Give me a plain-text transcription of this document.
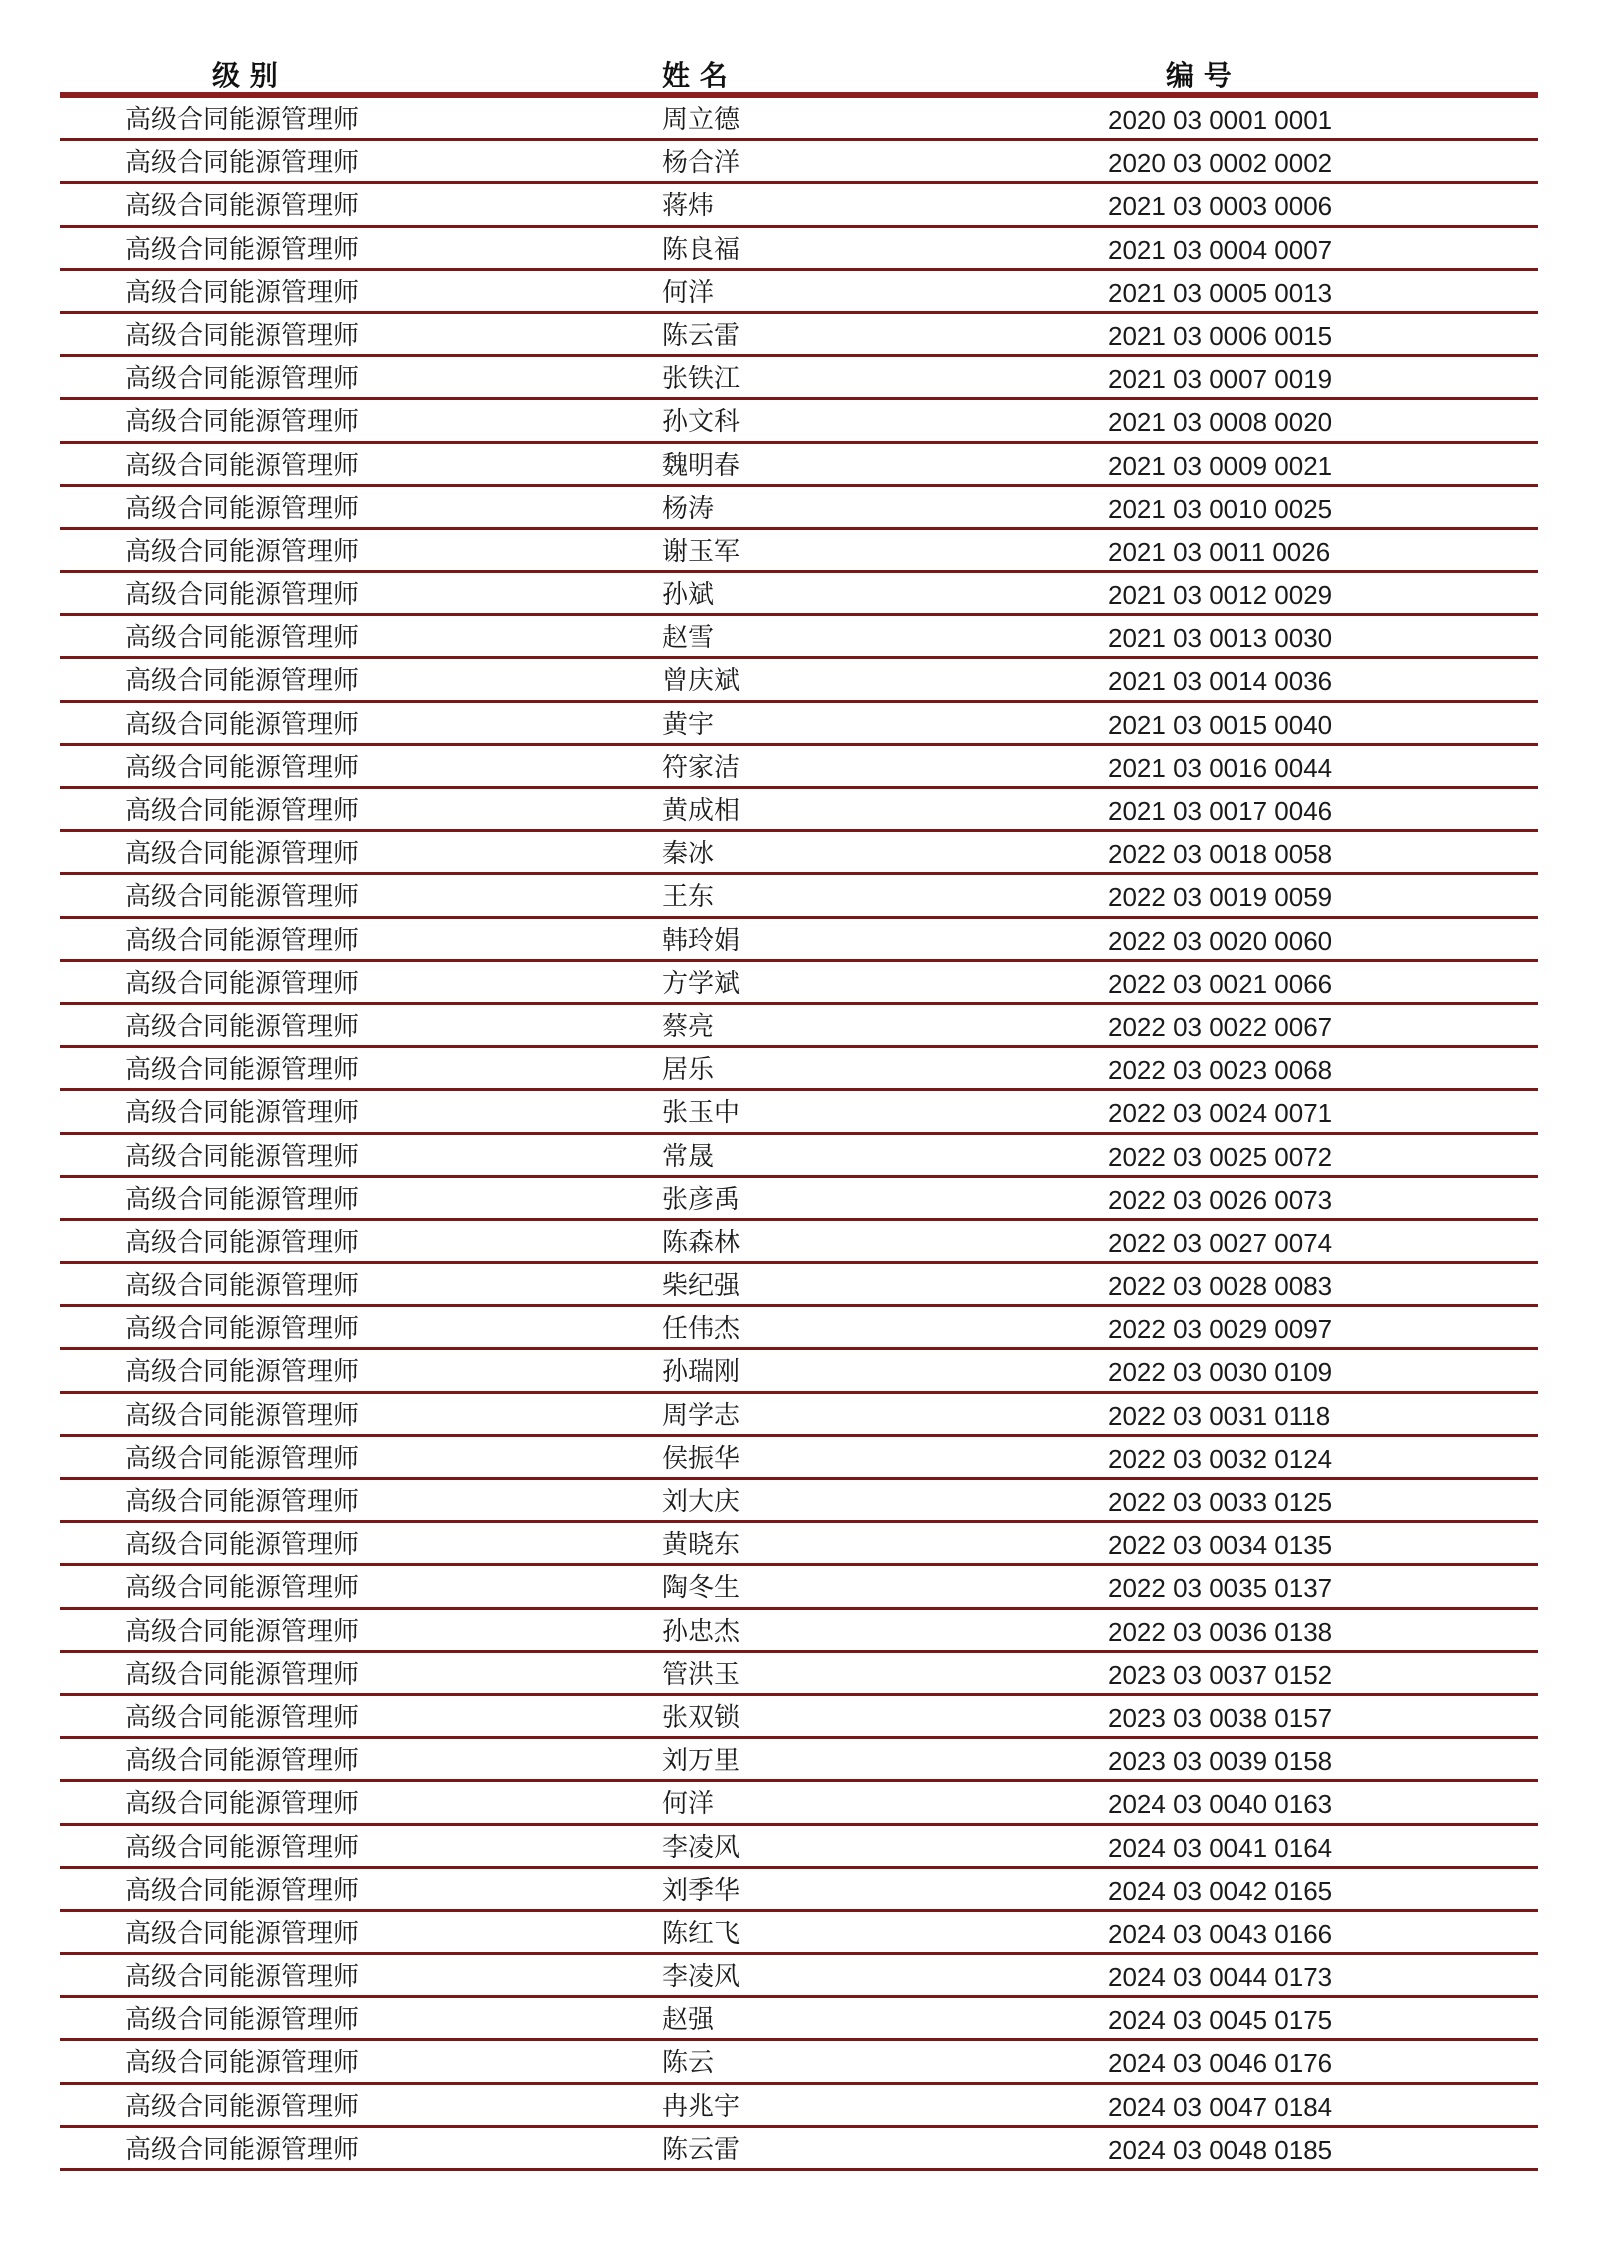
级 别	姓 名	编 号
高级合同能源管理师	周立德	2020 03 0001 0001
高级合同能源管理师	杨合洋	2020 03 0002 0002
高级合同能源管理师	蒋炜	2021 03 0003 0006
高级合同能源管理师	陈良福	2021 03 0004 0007
高级合同能源管理师	何洋	2021 03 0005 0013
高级合同能源管理师	陈云雷	2021 03 0006 0015
高级合同能源管理师	张铁江	2021 03 0007 0019
高级合同能源管理师	孙文科	2021 03 0008 0020
高级合同能源管理师	魏明春	2021 03 0009 0021
高级合同能源管理师	杨涛	2021 03 0010 0025
高级合同能源管理师	谢玉军	2021 03 0011 0026
高级合同能源管理师	孙斌	2021 03 0012 0029
高级合同能源管理师	赵雪	2021 03 0013 0030
高级合同能源管理师	曾庆斌	2021 03 0014 0036
高级合同能源管理师	黄宇	2021 03 0015 0040
高级合同能源管理师	符家洁	2021 03 0016 0044
高级合同能源管理师	黄成相	2021 03 0017 0046
高级合同能源管理师	秦冰	2022 03 0018 0058
高级合同能源管理师	王东	2022 03 0019 0059
高级合同能源管理师	韩玲娟	2022 03 0020 0060
高级合同能源管理师	方学斌	2022 03 0021 0066
高级合同能源管理师	蔡亮	2022 03 0022 0067
高级合同能源管理师	居乐	2022 03 0023 0068
高级合同能源管理师	张玉中	2022 03 0024 0071
高级合同能源管理师	常晟	2022 03 0025 0072
高级合同能源管理师	张彦禹	2022 03 0026 0073
高级合同能源管理师	陈森林	2022 03 0027 0074
高级合同能源管理师	柴纪强	2022 03 0028 0083
高级合同能源管理师	任伟杰	2022 03 0029 0097
高级合同能源管理师	孙瑞刚	2022 03 0030 0109
高级合同能源管理师	周学志	2022 03 0031 0118
高级合同能源管理师	侯振华	2022 03 0032 0124
高级合同能源管理师	刘大庆	2022 03 0033 0125
高级合同能源管理师	黄晓东	2022 03 0034 0135
高级合同能源管理师	陶冬生	2022 03 0035 0137
高级合同能源管理师	孙忠杰	2022 03 0036 0138
高级合同能源管理师	管洪玉	2023 03 0037 0152
高级合同能源管理师	张双锁	2023 03 0038 0157
高级合同能源管理师	刘万里	2023 03 0039 0158
高级合同能源管理师	何洋	2024 03 0040 0163
高级合同能源管理师	李凌风	2024 03 0041 0164
高级合同能源管理师	刘季华	2024 03 0042 0165
高级合同能源管理师	陈红飞	2024 03 0043 0166
高级合同能源管理师	李凌风	2024 03 0044 0173
高级合同能源管理师	赵强	2024 03 0045 0175
高级合同能源管理师	陈云	2024 03 0046 0176
高级合同能源管理师	冉兆宇	2024 03 0047 0184
高级合同能源管理师	陈云雷	2024 03 0048 0185
